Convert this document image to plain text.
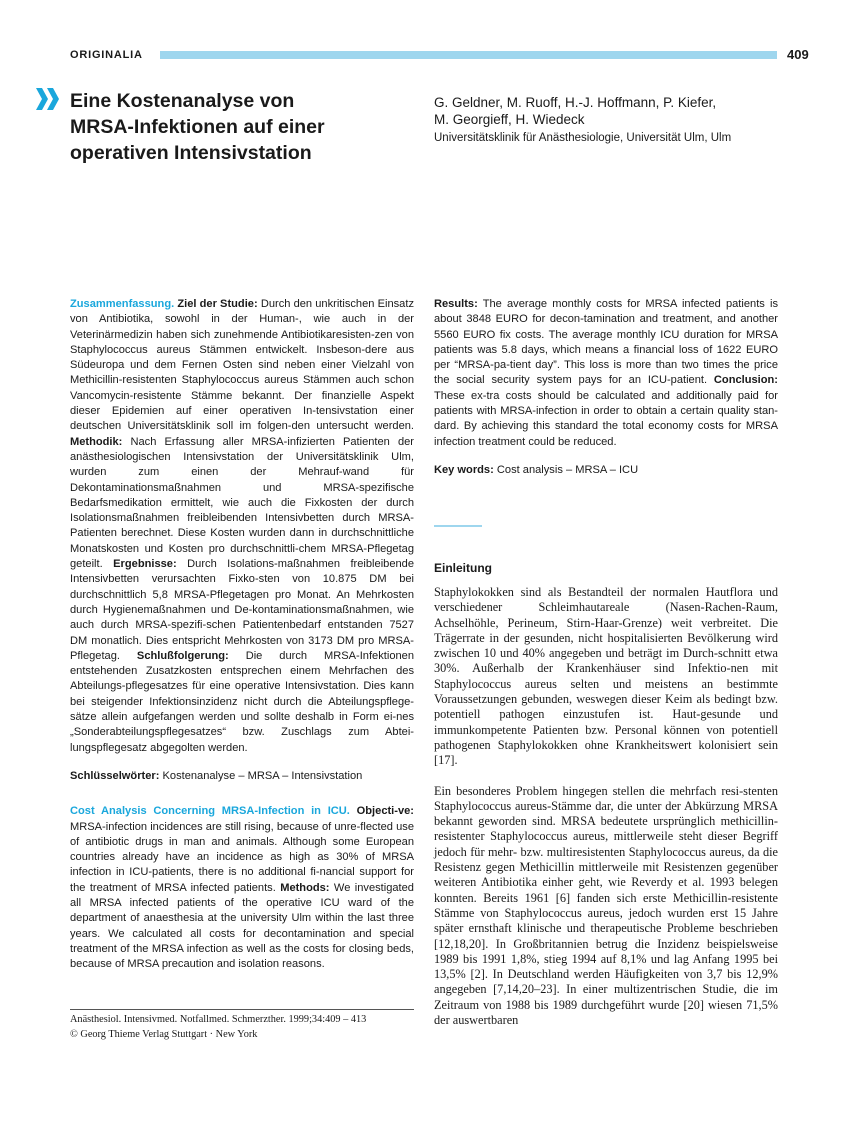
ORIGINALIA	409
Eine Kostenanalyse von
MRSA-Infektionen auf einer
operativen Intensivstation
G. Geldner, M. Ruoff, H.-J. Hoffmann, P. Kiefer,
M. Georgieff, H. Wiedeck
Universitätsklinik für Anästhesiologie, Universität Ulm, Ulm

Zusammenfassung. Ziel der Studie: Durch den unkritischen Einsatz von Antibiotika, sowohl in der Human-, wie auch in der Veterinärmedizin haben sich zunehmende Antibiotikaresisten-zen von Staphylococcus aureus Stämmen entwickelt. Insbeson-dere aus Südeuropa und dem Fernen Osten sind neben einer Vielzahl von Methicillin-resistenten Staphylococcus aureus Stämmen auch schon Vancomycin-resistente Stämme bekannt. Der finanzielle Aspekt dieser Epidemien auf einer operativen In-tensivstation einer deutschen Universitätsklinik soll im folgen-den untersucht werden. Methodik: Nach Erfassung aller MRSA-infizierten Patienten der anästhesiologischen Intensivstation der Universitätsklinik Ulm, wurden zum einen der Mehrauf-wand für Dekontaminationsmaßnahmen und MRSA-spezifische Bedarfsmedikation ermittelt, wie auch die Fixkosten der durch Isolationsmaßnahmen freibleibenden Intensivbetten durch MRSA-Patienten berechnet. Diese Kosten wurden dann in durchschnittliche Monatskosten und Kosten pro durchschnittli-chem MRSA-Pflegetag geteilt. Ergebnisse: Durch Isolations-maßnahmen freibleibende Intensivbetten verursachten Fixko-sten von 10.875 DM bei durchschnittlich 5,8 MRSA-Pflegetagen pro Monat. An Mehrkosten durch Hygienemaßnahmen und De-kontaminationsmaßnahmen, wie auch durch MRSA-spezifi-schen Patientenbedarf entstanden 7527 DM monatlich. Dies entspricht Mehrkosten von 3173 DM pro MRSA-Pflegetag. Schlußfolgerung: Die durch MRSA-Infektionen entstehenden Zusatzkosten entsprechen einem Mehrfachen des Abteilungs-pflegesatzes für eine operative Intensivstation. Dies kann bei steigender Infektionsinzidenz nicht durch die Abteilungspflege-sätze allein aufgefangen werden und sollte deshalb in Form ei-nes „Sonderabteilungspflegesatzes“ bzw. Zuschlags zum Abtei-lungspflegesatz abgegolten werden.

Schlüsselwörter: Kostenanalyse – MRSA – Intensivstation

Cost Analysis Concerning MRSA-Infection in ICU. Objecti-ve: MRSA-infection incidences are still rising, because of unre-flected use of antibiotic drugs in man and animals. Although some European countries already have an incidence as high as 30% of MRSA infection in ICU-patients, there is no additional fi-nancial support for the treatment of MRSA infected patients. Methods: We investigated all MRSA infected patients of the operative ICU ward of the department of anaesthesia at the university Ulm within the last three years. We calculated all costs for decontamination and special treatment of the MRSA infection as well as the costs for closing beds, because of MRSA precaution and isolation reasons.

Results: The average monthly costs for MRSA infected patients is about 3848 EURO for decon-tamination and treatment, and another 5560 EURO fix costs. The average monthly ICU duration for MRSA patients was 5.8 days, which means a financial loss of 1622 EURO per “MRSA-pa-tient day”. This loss is more than two times the price the social security system pays for an ICU-patient. Conclusion: These ex-tra costs should be calculated and additionally paid for patients with MRSA-infection in order to obtain a certain quality stan-dard. By achieving this standard the total economy costs for MRSA infection treatment could be reduced.

Key words: Cost analysis – MRSA – ICU

Einleitung

Staphylokokken sind als Bestandteil der normalen Hautflora und verschiedener Schleimhautareale (Nasen-Rachen-Raum, Achselhöhle, Perineum, Stirn-Haar-Grenze) weit verbreitet. Die Trägerrate in der gesunden, nicht hospitalisierten Bevölkerung wird zwischen 10 und 40% angegeben und beträgt im Durch-schnitt etwa 30%. Außerhalb der Krankenhäuser sind Infektio-nen mit Staphylococcus aureus selten und meistens an bestimmte Voraussetzungen gebunden, weswegen dieser Keim als bedingt bzw. potentiell pathogen einzustufen ist. Haut-gesunde und immunkompetente Patienten bzw. Personal können von potentiell pathogenen Staphylokokken ohne Krankheitswert kolonisiert sein [17].

Ein besonderes Problem hingegen stellen die mehrfach resi-stenten Staphylococcus aureus-Stämme dar, die unter der Abkürzung MRSA bekannt geworden sind. MRSA bedeutete ursprünglich methicillin-resistenter Staphylococcus aureus, mittlerweile steht dieser Begriff jedoch für mehr- bzw. multiresistenten Staphylococcus aureus, da die Resistenz gegen Methicillin mittlerweile mit Resistenzen gegenüber weiteren Antibiotika einher geht, wie Reverdy et al. 1993 belegen konnten. Bereits 1961 [6] fanden sich erste Methicillin-resistente Stämme von Staphylococcus aureus, jedoch wurden erst 15 Jahre später ernsthaft klinische und therapeutische Probleme beschrieben [12,18,20]. In Großbritannien betrug die Inzidenz beispielsweise 1989 bis 1991 1,8%, stieg 1994 auf 8,1% und lag Anfang 1995 bei 13,5% [2]. In Deutschland werden Häufigkeiten von 3,7 bis 12,9% angegeben [7,14,20–23]. In einer multizentrischen Studie, die im Zeitraum von 1988 bis 1989 durchgeführt wurde [20] wiesen 71,5% der auswertbaren

Anästhesiol. Intensivmed. Notfallmed. Schmerzther. 1999;34:409 – 413
© Georg Thieme Verlag Stuttgart · New York
